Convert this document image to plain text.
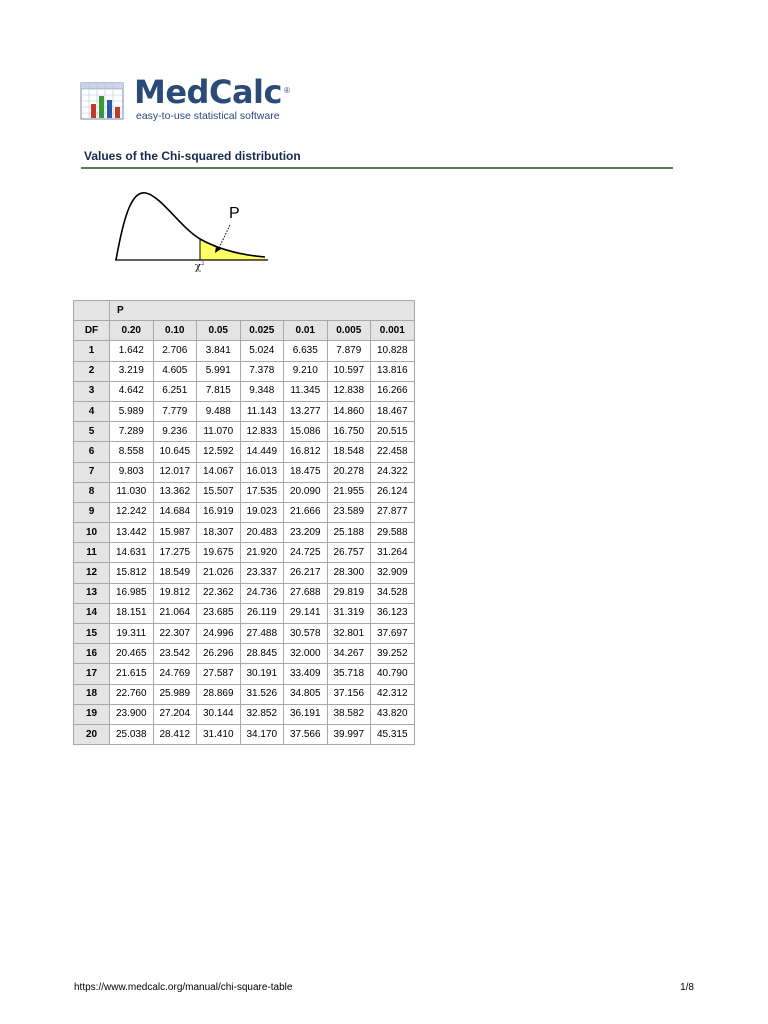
MedCalc ®
easy-to-use statistical software
Values of the Chi-squared distribution
P
$\chi^2$
	P						
DF	0.20	0.10	0.05	0.025	0.01	0.005	0.001
1	1.642	2.706	3.841	5.024	6.635	7.879	10.828
2	3.219	4.605	5.991	7.378	9.210	10.597	13.816
3	4.642	6.251	7.815	9.348	11.345	12.838	16.266
4	5.989	7.779	9.488	11.143	13.277	14.860	18.467
5	7.289	9.236	11.070	12.833	15.086	16.750	20.515
6	8.558	10.645	12.592	14.449	16.812	18.548	22.458
7	9.803	12.017	14.067	16.013	18.475	20.278	24.322
8	11.030	13.362	15.507	17.535	20.090	21.955	26.124
9	12.242	14.684	16.919	19.023	21.666	23.589	27.877
10	13.442	15.987	18.307	20.483	23.209	25.188	29.588
11	14.631	17.275	19.675	21.920	24.725	26.757	31.264
12	15.812	18.549	21.026	23.337	26.217	28.300	32.909
13	16.985	19.812	22.362	24.736	27.688	29.819	34.528
14	18.151	21.064	23.685	26.119	29.141	31.319	36.123
15	19.311	22.307	24.996	27.488	30.578	32.801	37.697
16	20.465	23.542	26.296	28.845	32.000	34.267	39.252
17	21.615	24.769	27.587	30.191	33.409	35.718	40.790
18	22.760	25.989	28.869	31.526	34.805	37.156	42.312
19	23.900	27.204	30.144	32.852	36.191	38.582	43.820
20	25.038	28.412	31.410	34.170	37.566	39.997	45.315
https://www.medcalc.org/manual/chi-square-table	1/8
